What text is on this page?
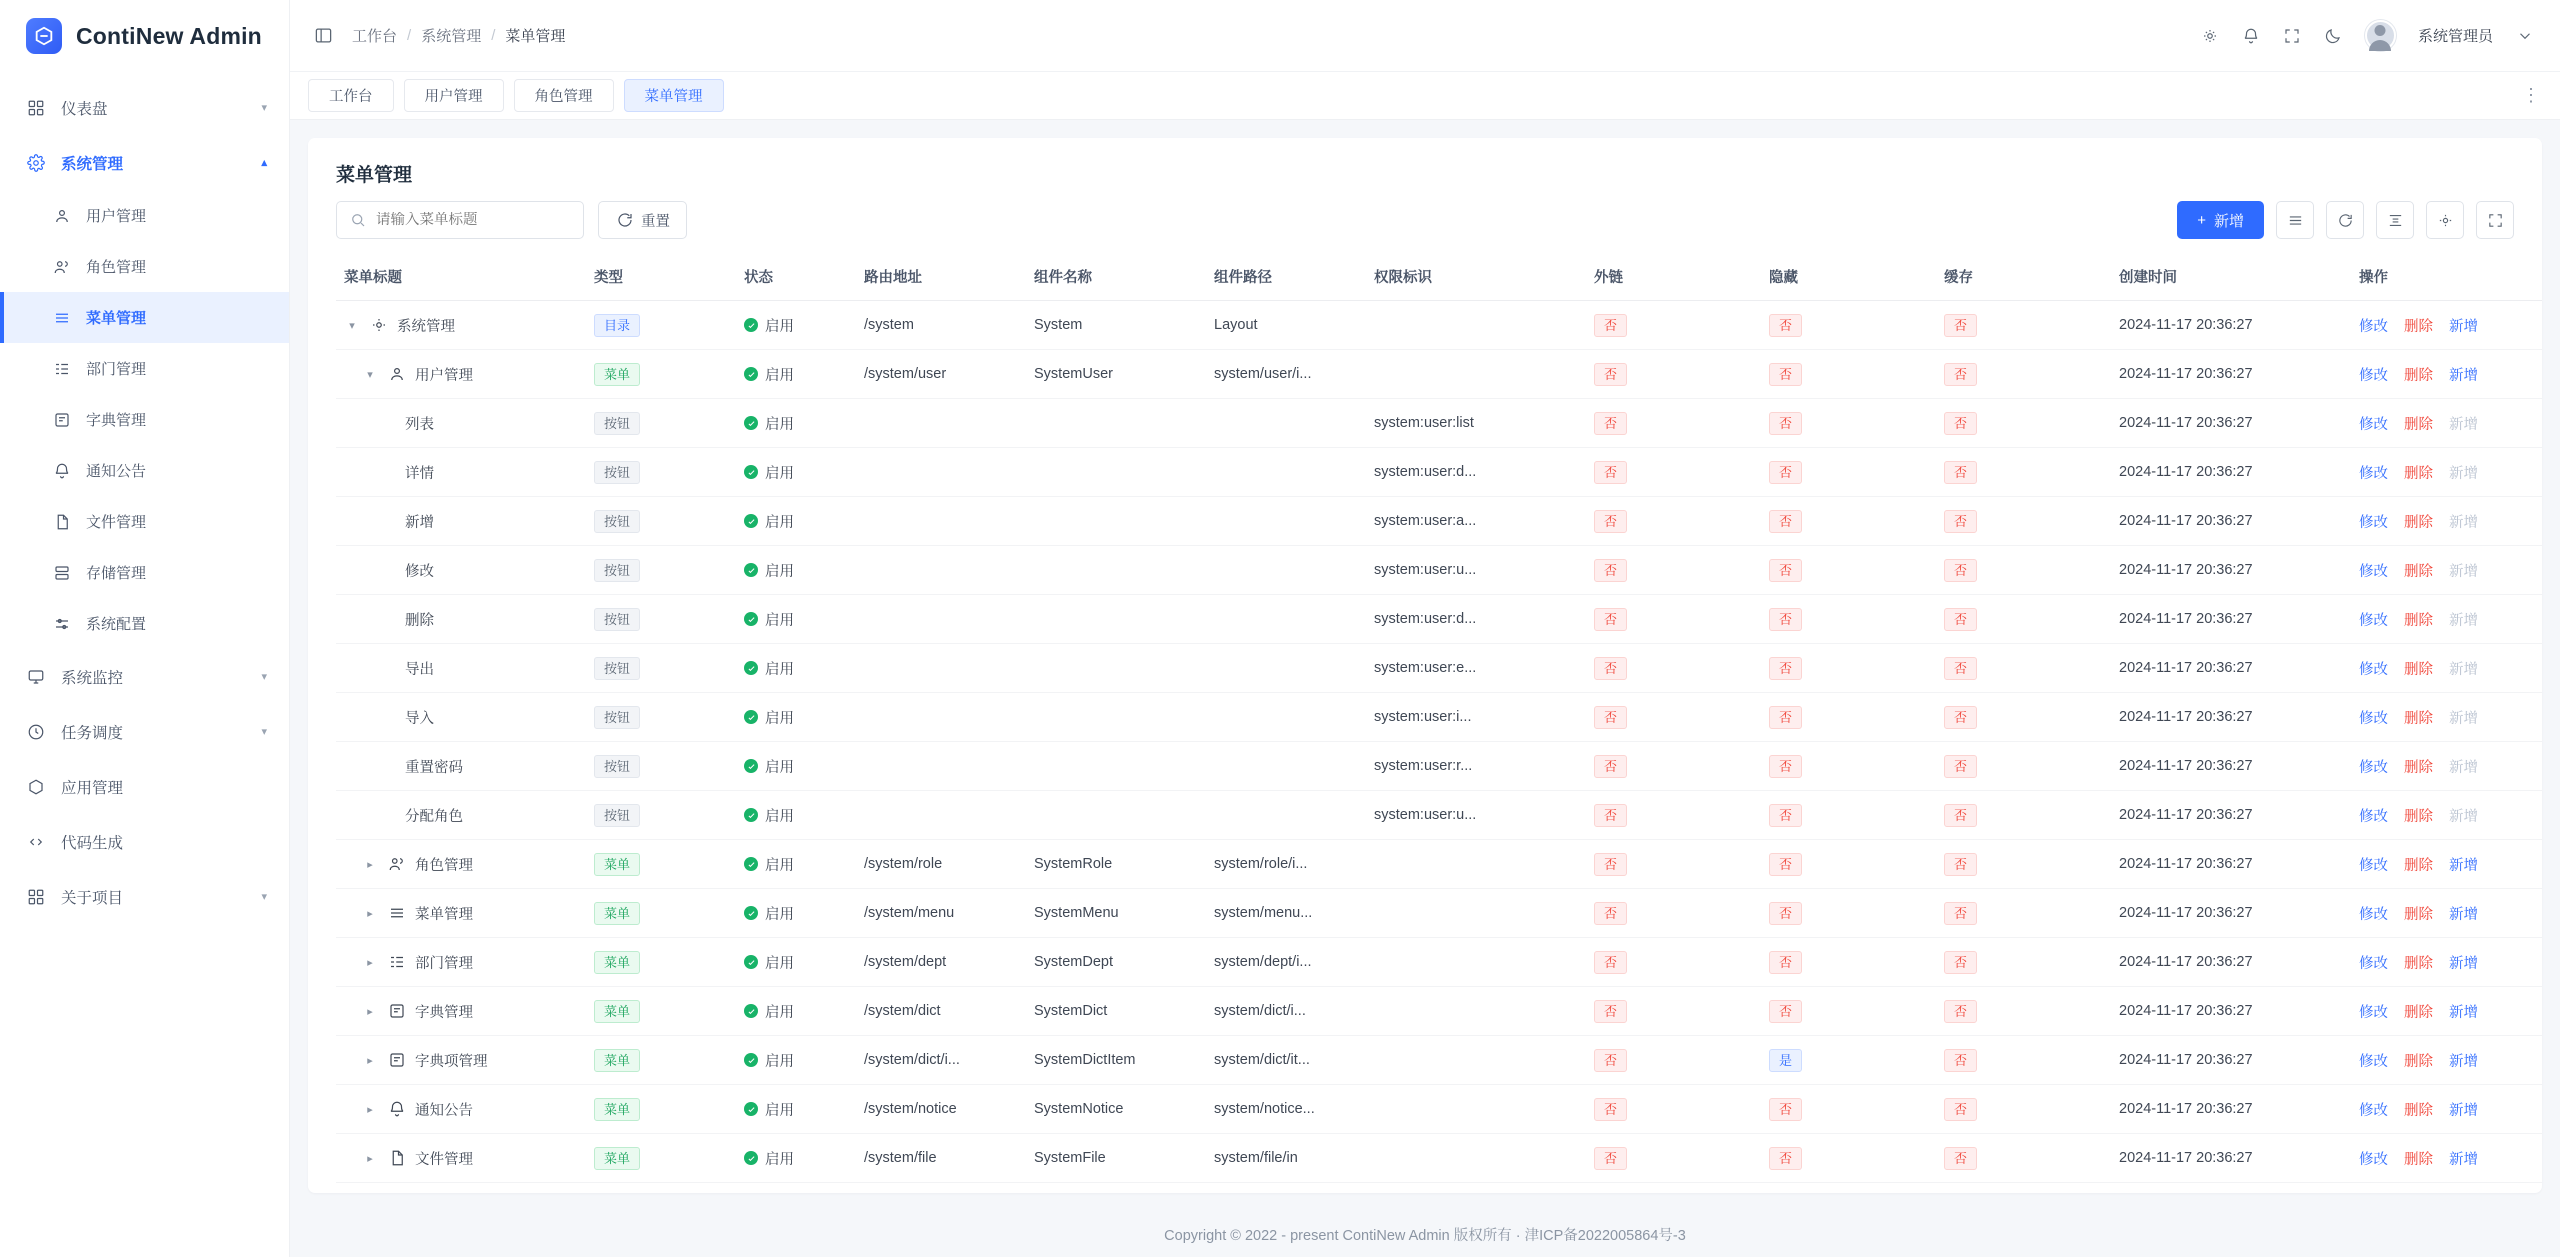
ContiNew Admin
仪表盘	▾
系统管理	▴
用户管理
角色管理
菜单管理
部门管理
字典管理
通知公告
文件管理
存储管理
系统配置
系统监控	▾
任务调度	▾
应用管理
代码生成
关于项目	▾
工作台 / 系统管理 / 菜单管理	系统管理员
工作台	用户管理	角色管理	菜单管理	⋮
菜单管理
请输入菜单标题
重置	+ 新增
菜单标题	类型	状态	路由地址	组件名称	组件路径	权限标识	外链	隐藏	缓存	创建时间	操作

▾ 系统管理	目录	启用	/system	System	Layout		否	否	否	2024-11-17 20:36:27	修改 删除 新增

▾ 用户管理	菜单	启用	/system/user	SystemUser	system/user/i...		否	否	否	2024-11-17 20:36:27	修改 删除 新增

列表	按钮	启用				system:user:list	否	否	否	2024-11-17 20:36:27	修改 删除 新增

详情	按钮	启用				system:user:d...	否	否	否	2024-11-17 20:36:27	修改 删除 新增

新增	按钮	启用				system:user:a...	否	否	否	2024-11-17 20:36:27	修改 删除 新增

修改	按钮	启用				system:user:u...	否	否	否	2024-11-17 20:36:27	修改 删除 新增

删除	按钮	启用				system:user:d...	否	否	否	2024-11-17 20:36:27	修改 删除 新增

导出	按钮	启用				system:user:e...	否	否	否	2024-11-17 20:36:27	修改 删除 新增

导入	按钮	启用				system:user:i...	否	否	否	2024-11-17 20:36:27	修改 删除 新增

重置密码	按钮	启用				system:user:r...	否	否	否	2024-11-17 20:36:27	修改 删除 新增

分配角色	按钮	启用				system:user:u...	否	否	否	2024-11-17 20:36:27	修改 删除 新增

▸ 角色管理	菜单	启用	/system/role	SystemRole	system/role/i...		否	否	否	2024-11-17 20:36:27	修改 删除 新增

▸ 菜单管理	菜单	启用	/system/menu	SystemMenu	system/menu...		否	否	否	2024-11-17 20:36:27	修改 删除 新增

▸ 部门管理	菜单	启用	/system/dept	SystemDept	system/dept/i...		否	否	否	2024-11-17 20:36:27	修改 删除 新增

▸ 字典管理	菜单	启用	/system/dict	SystemDict	system/dict/i...		否	否	否	2024-11-17 20:36:27	修改 删除 新增

▸ 字典项管理	菜单	启用	/system/dict/i...	SystemDictItem	system/dict/it...		否	是	否	2024-11-17 20:36:27	修改 删除 新增

▸ 通知公告	菜单	启用	/system/notice	SystemNotice	system/notice...		否	否	否	2024-11-17 20:36:27	修改 删除 新增

▸ 文件管理	菜单	启用	/system/file	SystemFile	system/file/in		否	否	否	2024-11-17 20:36:27	修改 删除 新增
Copyright © 2022 - present ContiNew Admin 版权所有 · 津ICP备2022005864号-3
